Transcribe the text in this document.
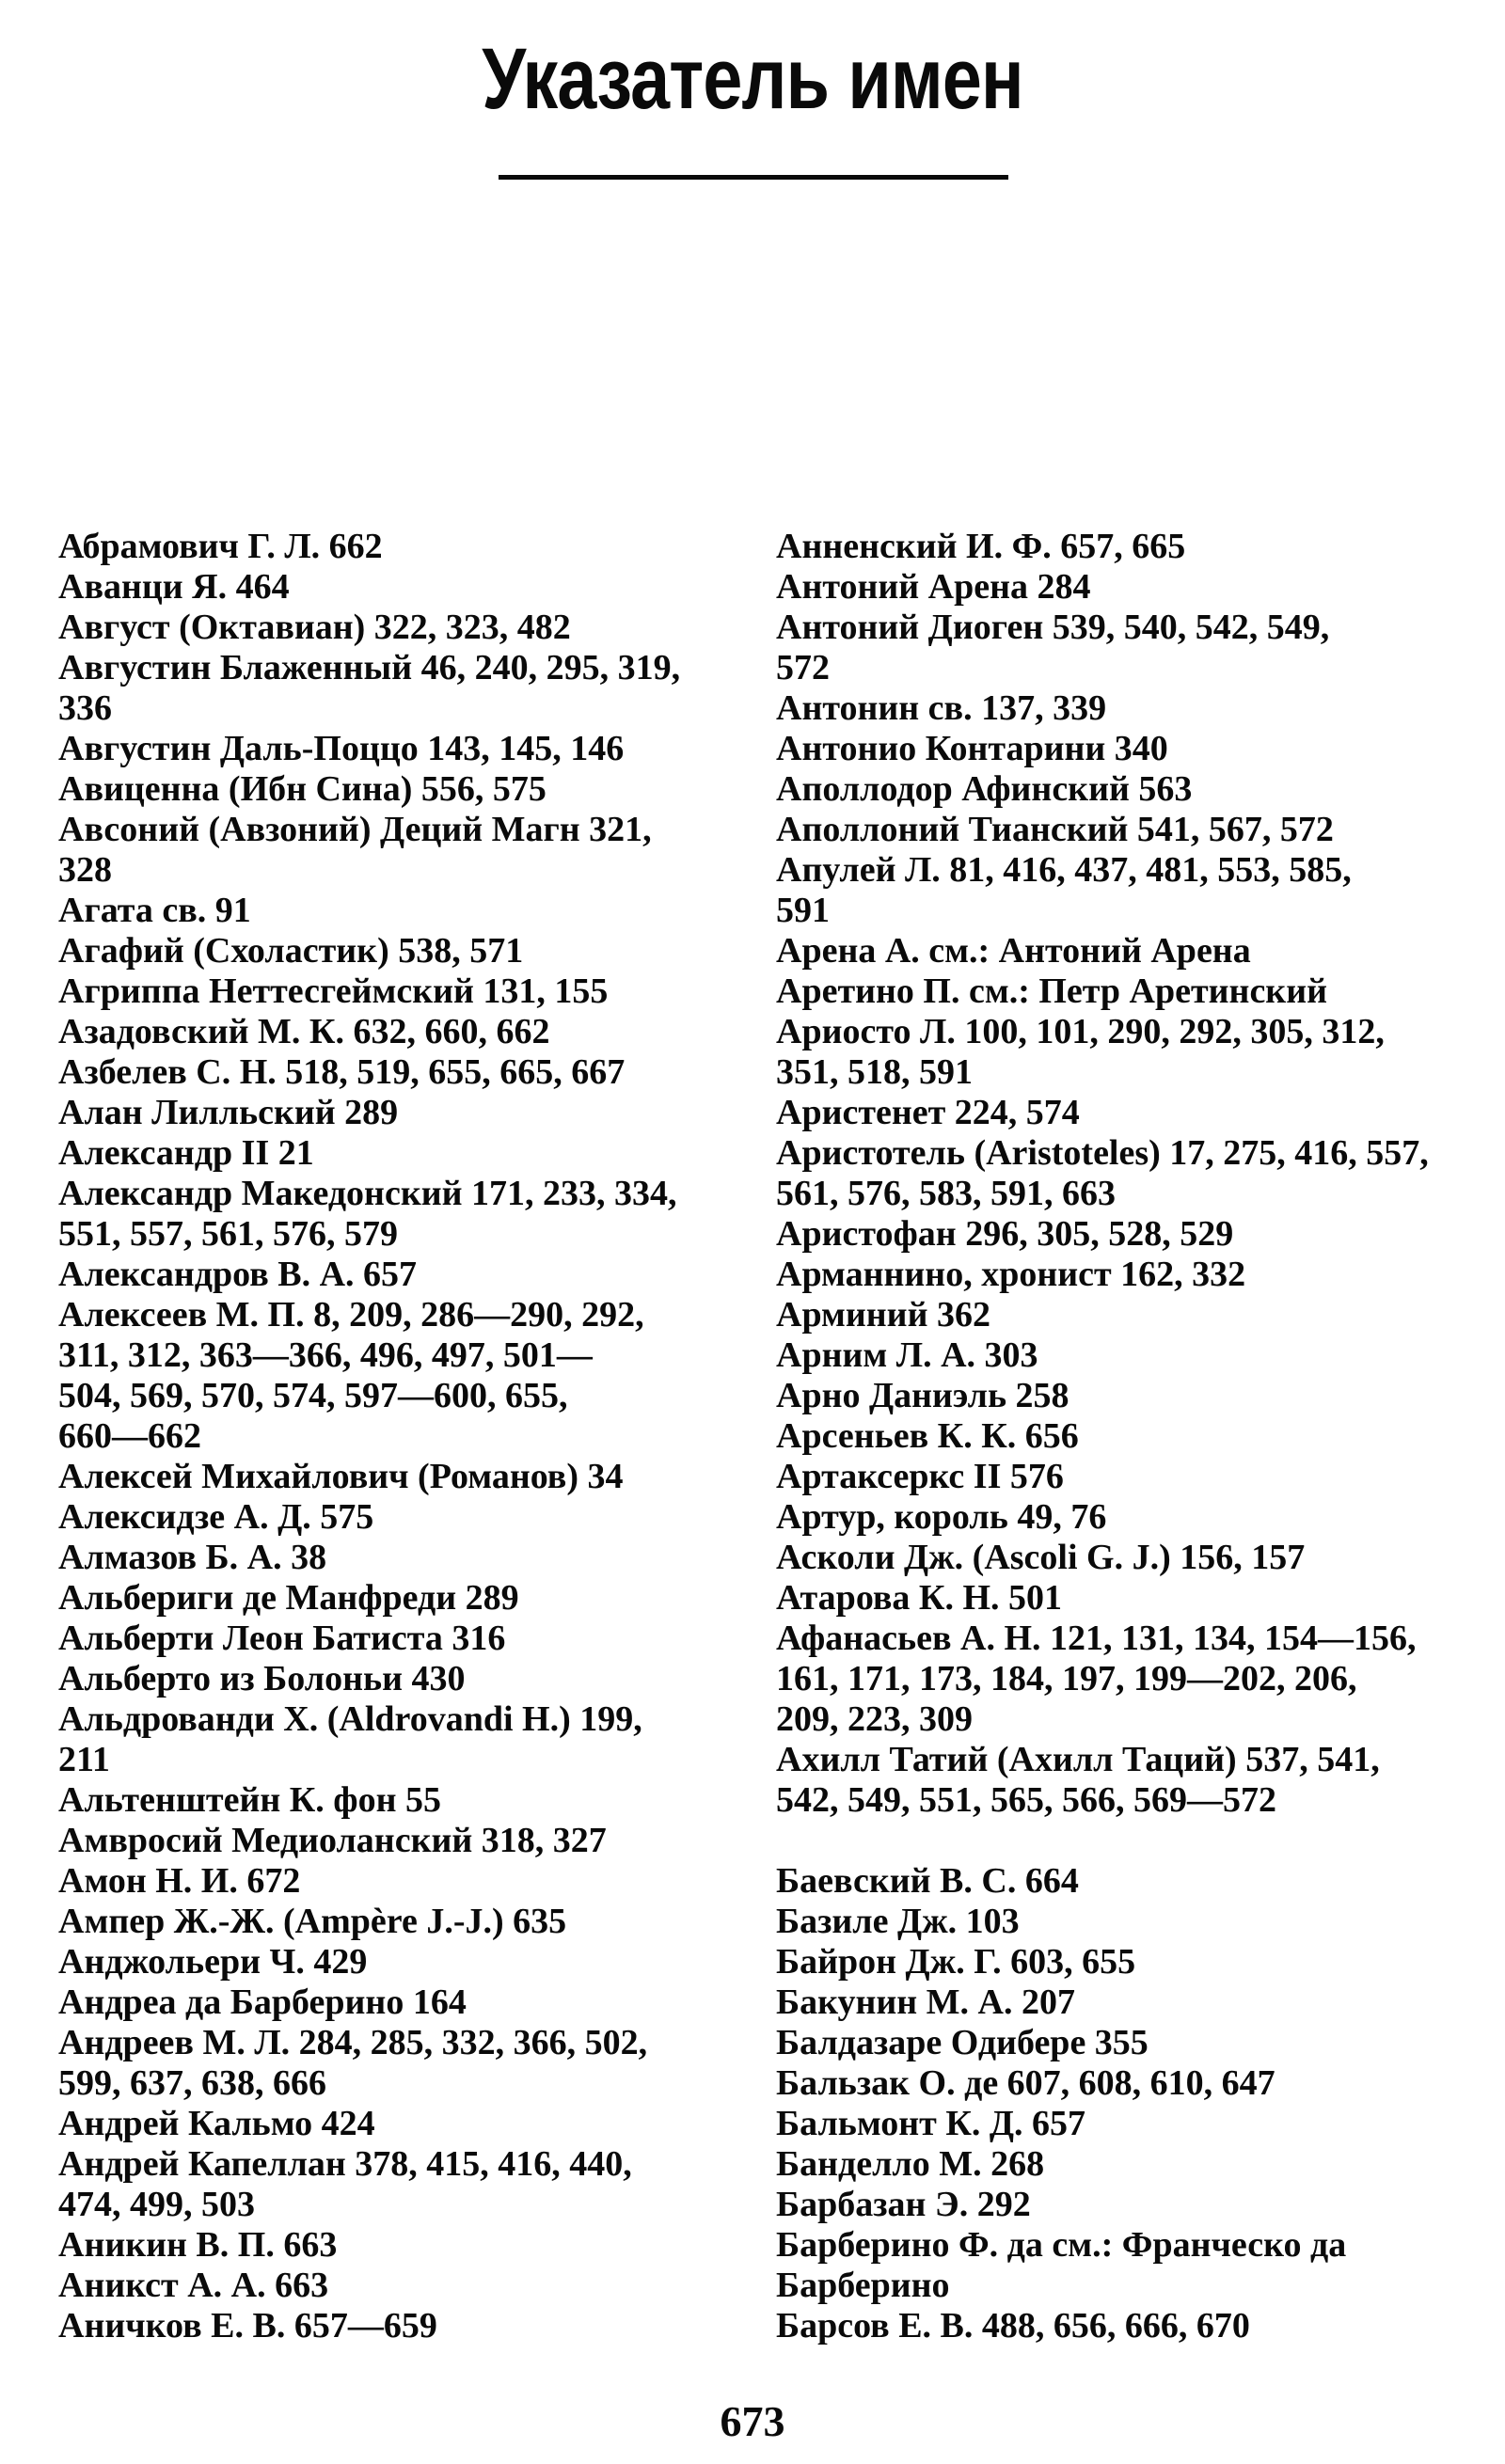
Указатель имен
Абрамович Г. Л. 662
Аванци Я. 464
Август (Октавиан) 322, 323, 482
Августин Блаженный 46, 240, 295, 319,
336
Августин Даль-Поццо 143, 145, 146
Авиценна (Ибн Сина) 556, 575
Авсоний (Авзоний) Деций Магн 321,
328
Агата св. 91
Агафий (Схоластик) 538, 571
Агриппа Неттесгеймский 131, 155
Азадовский М. К. 632, 660, 662
Азбелев С. Н. 518, 519, 655, 665, 667
Алан Лилльский 289
Александр II 21
Александр Македонский 171, 233, 334,
551, 557, 561, 576, 579
Александров В. А. 657
Алексеев М. П. 8, 209, 286—290, 292,
311, 312, 363—366, 496, 497, 501—
504, 569, 570, 574, 597—600, 655,
660—662
Алексей Михайлович (Романов) 34
Алексидзе А. Д. 575
Алмазов Б. А. 38
Альбериги де Манфреди 289
Альберти Леон Батиста 316
Альберто из Болоньи 430
Альдрованди Х. (Aldrovandi H.) 199,
211
Альтенштейн К. фон 55
Амвросий Медиоланский 318, 327
Амон Н. И. 672
Ампер Ж.-Ж. (Ampère J.-J.) 635
Анджольери Ч. 429
Андреа да Барберино 164
Андреев М. Л. 284, 285, 332, 366, 502,
599, 637, 638, 666
Андрей Кальмо 424
Андрей Капеллан 378, 415, 416, 440,
474, 499, 503
Аникин В. П. 663
Аникст А. А. 663
Аничков Е. В. 657—659
Анненский И. Ф. 657, 665
Антоний Арена 284
Антоний Диоген 539, 540, 542, 549,
572
Антонин св. 137, 339
Антонио Контарини 340
Аполлодор Афинский 563
Аполлоний Тианский 541, 567, 572
Апулей Л. 81, 416, 437, 481, 553, 585,
591
Арена А. см.: Антоний Арена
Аретино П. см.: Петр Аретинский
Ариосто Л. 100, 101, 290, 292, 305, 312,
351, 518, 591
Аристенет 224, 574
Аристотель (Aristoteles) 17, 275, 416, 557,
561, 576, 583, 591, 663
Аристофан 296, 305, 528, 529
Арманнино, хронист 162, 332
Арминий 362
Арним Л. А. 303
Арно Даниэль 258
Арсеньев К. К. 656
Артаксеркс II 576
Артур, король 49, 76
Асколи Дж. (Ascoli G. J.) 156, 157
Атарова К. Н. 501
Афанасьев А. Н. 121, 131, 134, 154—156,
161, 171, 173, 184, 197, 199—202, 206,
209, 223, 309
Ахилл Татий (Ахилл Таций) 537, 541,
542, 549, 551, 565, 566, 569—572
Баевский В. С. 664
Базиле Дж. 103
Байрон Дж. Г. 603, 655
Бакунин М. А. 207
Балдазаре Одибере 355
Бальзак О. де 607, 608, 610, 647
Бальмонт К. Д. 657
Банделло М. 268
Барбазан Э. 292
Барберино Ф. да см.: Франческо да
Барберино
Барсов Е. В. 488, 656, 666, 670
673
